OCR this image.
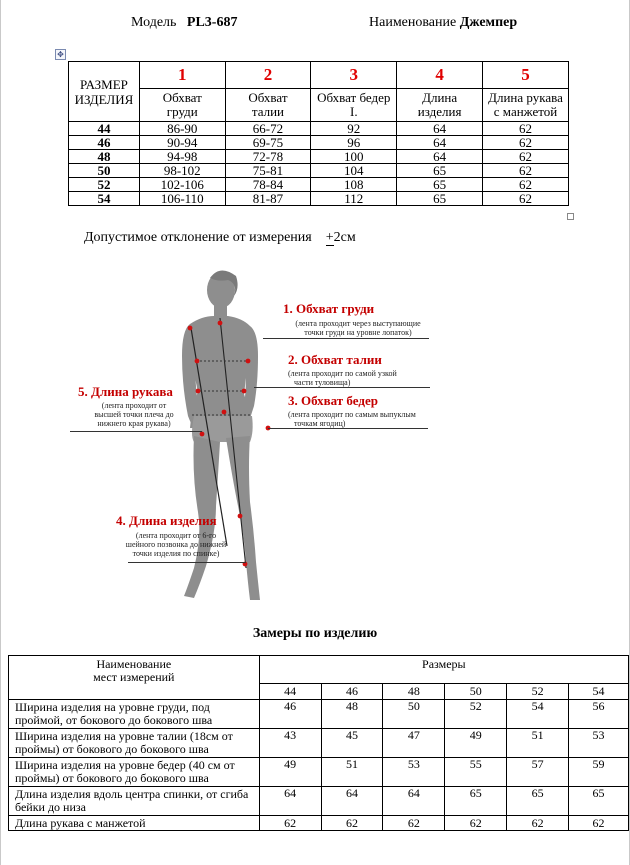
Модель PL3-687	Наименование Джемпер
✥
РАЗМЕР ИЗДЕЛИЯ	1	2	3	4	5
	Обхват груди	Обхват талии	Обхват бедер I.	Длина изделия	Длина рукава с манжетой
44	86-90	66-72	92	64	62
46	90-94	69-75	96	64	62
48	94-98	72-78	100	64	62
50	98-102	75-81	104	65	62
52	102-106	78-84	108	65	62
54	106-110	81-87	112	65	62
Допустимое отклонение от измерения +2см
1. Обхват груди
(лента проходит через выступающие
точки груди на уровне лопаток)
2. Обхват талии
(лента проходит по самой узкой
части туловища)
3. Обхват бедер
(лента проходит по самым выпуклым
точкам ягодиц)
5. Длина рукава
(лента проходит от
высшей точки плеча до
нижнего края рукава)
4. Длина изделия
(лента проходит от 6-го
шейного позвонка до нижней
точки изделия по спинке)
Замеры по изделию
Наименование мест измерений	Размеры					
	44	46	48	50	52	54
Ширина изделия на уровне груди, под проймой, от бокового до бокового шва	46	48	50	52	54	56
Ширина изделия на уровне талии (18см от проймы) от бокового до бокового шва	43	45	47	49	51	53
Ширина изделия на уровне бедер (40 см от проймы) от бокового до бокового шва	49	51	53	55	57	59
Длина изделия вдоль центра спинки, от сгиба бейки до низа	64	64	64	65	65	65
Длина рукава с манжетой	62	62	62	62	62	62
